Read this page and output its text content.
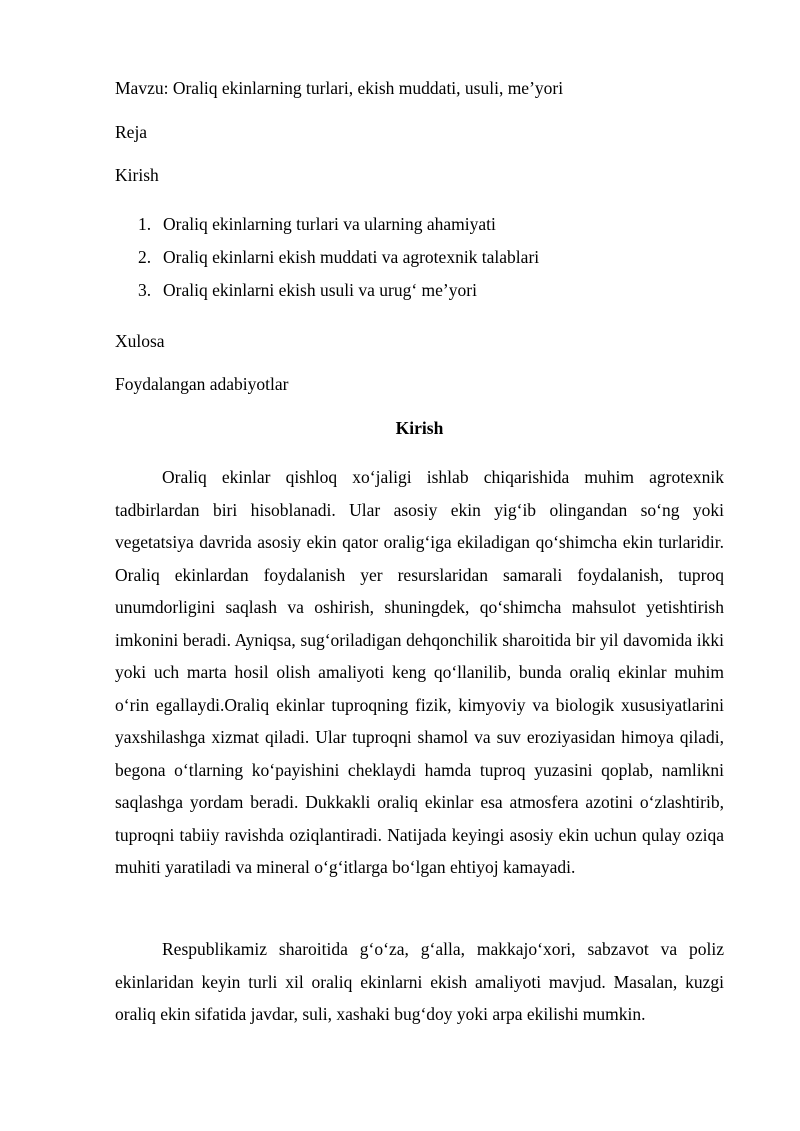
Mavzu: Oraliq ekinlarning turlari, ekish muddati, usuli, me’yori
Reja
Kirish
1. Oraliq ekinlarning turlari va ularning ahamiyati
2. Oraliq ekinlarni ekish muddati va agrotexnik talablari
3. Oraliq ekinlarni ekish usuli va urug‘ me’yori
Xulosa
Foydalangan adabiyotlar
Kirish

Oraliq ekinlar qishloq xo‘jaligi ishlab chiqarishida muhim agrotexnik tadbirlardan biri hisoblanadi. Ular asosiy ekin yig‘ib olingandan so‘ng yoki vegetatsiya davrida asosiy ekin qator oralig‘iga ekiladigan qo‘shimcha ekin turlaridir. Oraliq ekinlardan foydalanish yer resurslaridan samarali foydalanish, tuproq unumdorligini saqlash va oshirish, shuningdek, qo‘shimcha mahsulot yetishtirish imkonini beradi. Ayniqsa, sug‘oriladigan dehqonchilik sharoitida bir yil davomida ikki yoki uch marta hosil olish amaliyoti keng qo‘llanilib, bunda oraliq ekinlar muhim o‘rin egallaydi.Oraliq ekinlar tuproqning fizik, kimyoviy va biologik xususiyatlarini yaxshilashga xizmat qiladi. Ular tuproqni shamol va suv eroziyasidan himoya qiladi, begona o‘tlarning ko‘payishini cheklaydi hamda tuproq yuzasini qoplab, namlikni saqlashga yordam beradi. Dukkakli oraliq ekinlar esa atmosfera azotini o‘zlashtirib, tuproqni tabiiy ravishda oziqlantiradi. Natijada keyingi asosiy ekin uchun qulay oziqa muhiti yaratiladi va mineral o‘g‘itlarga bo‘lgan ehtiyoj kamayadi.

Respublikamiz sharoitida g‘o‘za, g‘alla, makkajo‘xori, sabzavot va poliz ekinlaridan keyin turli xil oraliq ekinlarni ekish amaliyoti mavjud. Masalan, kuzgi oraliq ekin sifatida javdar, suli, xashaki bug‘doy yoki arpa ekilishi mumkin.
